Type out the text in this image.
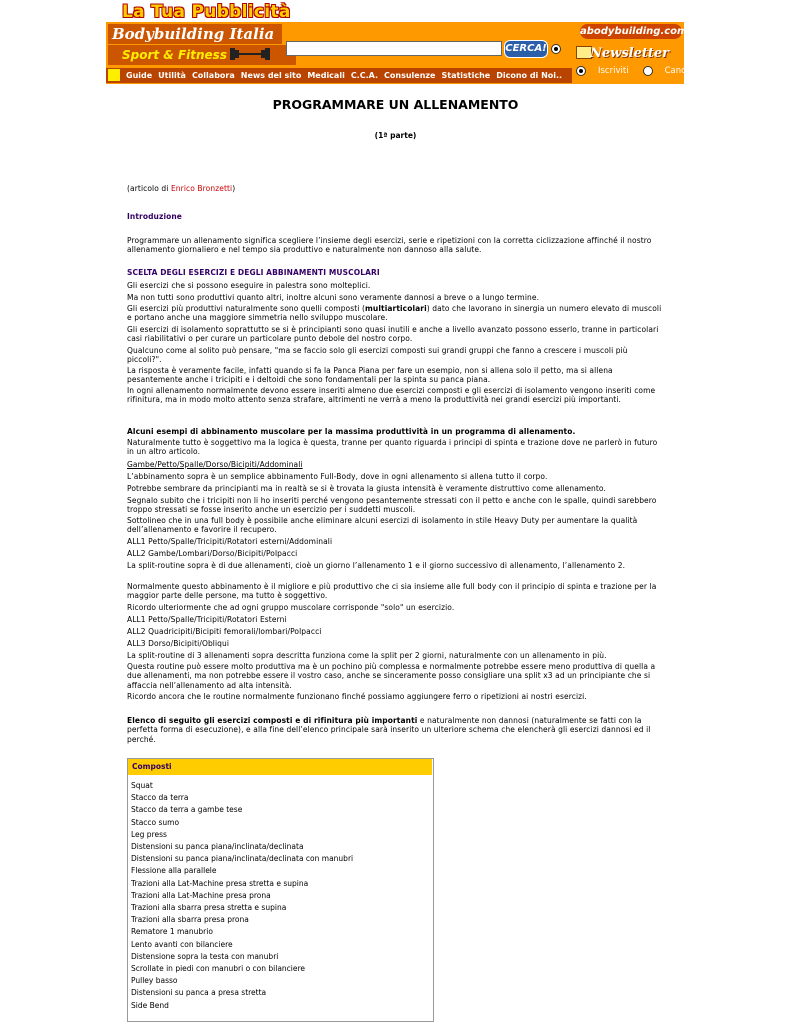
La Tua Pubblicità
Bodybuilding Italia
Sport & Fitness	CERCA!
abodybuilding.com
Newsletter
Guide Utilità Collabora News del sito Medicali C.C.A. Consulenze Statistiche Dicono di Noi..	Iscriviti	Cancellati
PROGRAMMARE UN ALLENAMENTO
(1ª parte)

(articolo di Enrico Bronzetti)

Introduzione

Programmare un allenamento significa scegliere l’insieme degli esercizi, serie e ripetizioni con la corretta ciclizzazione affinché il nostro allenamento giornaliero e nel tempo sia produttivo e naturalmente non dannoso alla salute.

SCELTA DEGLI ESERCIZI E DEGLI ABBINAMENTI MUSCOLARI

Gli esercizi che si possono eseguire in palestra sono molteplici.

Ma non tutti sono produttivi quanto altri, inoltre alcuni sono veramente dannosi a breve o a lungo termine.

Gli esercizi più produttivi naturalmente sono quelli composti (multiarticolari) dato che lavorano in sinergia un numero elevato di muscoli e portano anche una maggiore simmetria nello sviluppo muscolare.

Gli esercizi di isolamento soprattutto se si è principianti sono quasi inutili e anche a livello avanzato possono esserlo, tranne in particolari casi riabilitativi o per curare un particolare punto debole del nostro corpo.

Qualcuno come al solito può pensare, "ma se faccio solo gli esercizi composti sui grandi gruppi che fanno a crescere i muscoli più piccoli?".

La risposta è veramente facile, infatti quando si fa la Panca Piana per fare un esempio, non si allena solo il petto, ma si allena pesantemente anche i tricipiti e i deltoidi che sono fondamentali per la spinta su panca piana.

In ogni allenamento normalmente devono essere inseriti almeno due esercizi composti e gli esercizi di isolamento vengono inseriti come rifinitura, ma in modo molto attento senza strafare, altrimenti ne verrà a meno la produttività nei grandi esercizi più importanti.

Alcuni esempi di abbinamento muscolare per la massima produttività in un programma di allenamento.

Naturalmente tutto è soggettivo ma la logica è questa, tranne per quanto riguarda i principi di spinta e trazione dove ne parlerò in futuro in un altro articolo.

Gambe/Petto/Spalle/Dorso/Bicipiti/Addominali

L’abbinamento sopra è un semplice abbinamento Full-Body, dove in ogni allenamento si allena tutto il corpo.

Potrebbe sembrare da principianti ma in realtà se si è trovata la giusta intensità è veramente distruttivo come allenamento.

Segnalo subito che i tricipiti non li ho inseriti perché vengono pesantemente stressati con il petto e anche con le spalle, quindi sarebbero troppo stressati se fosse inserito anche un esercizio per i suddetti muscoli.

Sottolineo che in una full body è possibile anche eliminare alcuni esercizi di isolamento in stile Heavy Duty per aumentare la qualità dell’allenamento e favorire il recupero.

ALL1 Petto/Spalle/Tricipiti/Rotatori esterni/Addominali

ALL2 Gambe/Lombari/Dorso/Bicipiti/Polpacci

La split-routine sopra è di due allenamenti, cioè un giorno l’allenamento 1 e il giorno successivo di allenamento, l’allenamento 2.

Normalmente questo abbinamento è il migliore e più produttivo che ci sia insieme alle full body con il principio di spinta e trazione per la maggior parte delle persone, ma tutto è soggettivo.

Ricordo ulteriormente che ad ogni gruppo muscolare corrisponde "solo" un esercizio.

ALL1 Petto/Spalle/Tricipiti/Rotatori Esterni

ALL2 Quadricipiti/Bicipiti femorali/lombari/Polpacci

ALL3 Dorso/Bicipiti/Obliqui

La split-routine di 3 allenamenti sopra descritta funziona come la split per 2 giorni, naturalmente con un allenamento in più.

Questa routine può essere molto produttiva ma è un pochino più complessa e normalmente potrebbe essere meno produttiva di quella a due allenamenti, ma non potrebbe essere il vostro caso, anche se sinceramente posso consigliare una split x3 ad un principiante che si affaccia nell’allenamento ad alta intensità.

Ricordo ancora che le routine normalmente funzionano finché possiamo aggiungere ferro o ripetizioni ai nostri esercizi.

Elenco di seguito gli esercizi composti e di rifinitura più importanti e naturalmente non dannosi (naturalmente se fatti con la perfetta forma di esecuzione), e alla fine dell’elenco principale sarà inserito un ulteriore schema che elencherà gli esercizi dannosi ed il perché.

Composti
Squat
Stacco da terra
Stacco da terra a gambe tese
Stacco sumo
Leg press
Distensioni su panca piana/inclinata/declinata
Distensioni su panca piana/inclinata/declinata con manubri
Flessione alla parallele
Trazioni alla Lat-Machine presa stretta e supina
Trazioni alla Lat-Machine presa prona
Trazioni alla sbarra presa stretta e supina
Trazioni alla sbarra presa prona
Rematore 1 manubrio
Lento avanti con bilanciere
Distensione sopra la testa con manubri
Scrollate in piedi con manubri o con bilanciere
Pulley basso
Distensioni su panca a presa stretta
Side Bend
